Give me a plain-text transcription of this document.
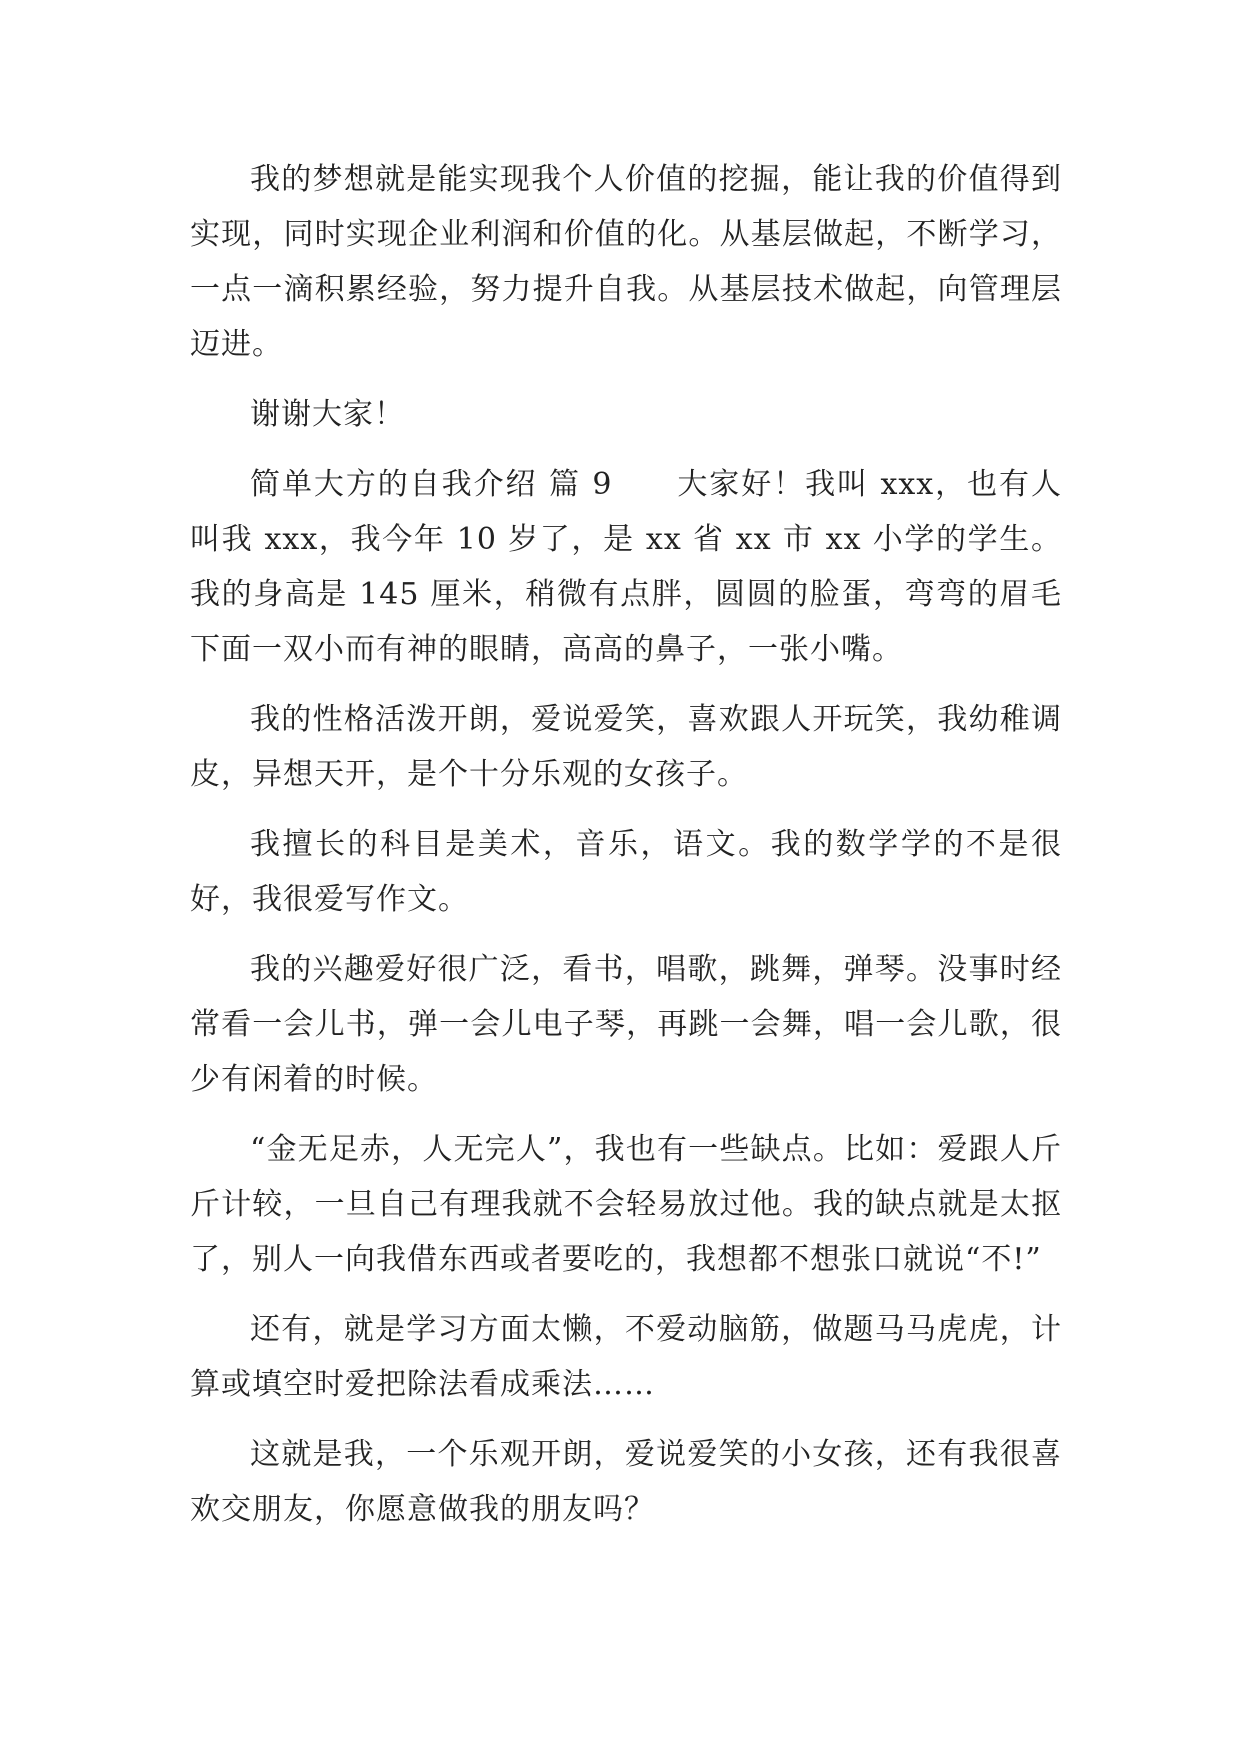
我的梦想就是能实现我个人价值的挖掘，能让我的价值得到实现，同时实现企业利润和价值的化。从基层做起，不断学习，一点一滴积累经验，努力提升自我。从基层技术做起，向管理层迈进。

谢谢大家！

简单大方的自我介绍 篇 9　　大家好！我叫 xxx，也有人叫我 xxx，我今年 10 岁了，是 xx 省 xx 市 xx 小学的学生。我的身高是 145 厘米，稍微有点胖，圆圆的脸蛋，弯弯的眉毛下面一双小而有神的眼睛，高高的鼻子，一张小嘴。

我的性格活泼开朗，爱说爱笑，喜欢跟人开玩笑，我幼稚调皮，异想天开，是个十分乐观的女孩子。

我擅长的科目是美术，音乐，语文。我的数学学的不是很好，我很爱写作文。

我的兴趣爱好很广泛，看书，唱歌，跳舞，弹琴。没事时经常看一会儿书，弹一会儿电子琴，再跳一会舞，唱一会儿歌，很少有闲着的时候。

“金无足赤，人无完人”，我也有一些缺点。比如：爱跟人斤斤计较，一旦自己有理我就不会轻易放过他。我的缺点就是太抠了，别人一向我借东西或者要吃的，我想都不想张口就说“不!”

还有，就是学习方面太懒，不爱动脑筋，做题马马虎虎，计算或填空时爱把除法看成乘法……

这就是我，一个乐观开朗，爱说爱笑的小女孩，还有我很喜欢交朋友，你愿意做我的朋友吗？
